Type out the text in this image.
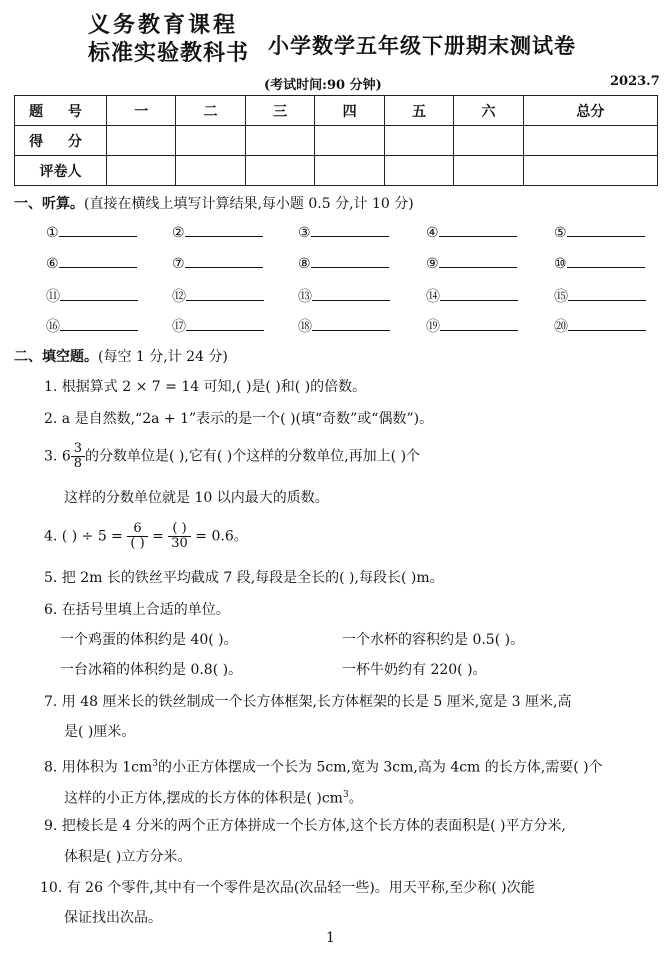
义务教育课程
标准实验教科书 小学数学五年级下册期末测试卷
(考试时间:90 分钟)	2023.7
题 号	一	二	三	四	五	六	总分
得 分							
评卷人							
一、听算。(直接在横线上填写计算结果,每小题 0.5 分,计 10 分)
①	②	③	④	⑤
⑥	⑦	⑧	⑨	⑩
⑪	⑫	⑬	⑭	⑮
⑯	⑰	⑱	⑲	⑳
二、填空题。(每空 1 分,计 24 分)
1. 根据算式 2 × 7 = 14 可知,( )是( )和( )的倍数。
2. a 是自然数,“2a + 1”表示的是一个( )(填“奇数”或“偶数”)。
3. $6 \frac{3}{8}$ 的分数单位是( ),它有( )个这样的分数单位,再加上( )个
这样的分数单位就是 10 以内最大的质数。
4. ( ) ÷ $5 = \frac{6}{( )} = \frac{( )}{30} = 0.6$。
5. 把 2m 长的铁丝平均截成 7 段,每段是全长的( ),每段长( )m。
6. 在括号里填上合适的单位。
一个鸡蛋的体积约是 40( )。	一个水杯的容积约是 0.5( )。
一台冰箱的体积约是 0.8( )。	一杯牛奶约有 220( )。
7. 用 48 厘米长的铁丝制成一个长方体框架,长方体框架的长是 5 厘米,宽是 3 厘米,高
是( )厘米。
8. 用体积为 $1cm^3$的小正方体摆成一个长为 5cm,宽为 3cm,高为 4cm 的长方体,需要( )个
这样的小正方体,摆成的长方体的体积是( )$cm^3$。
9. 把棱长是 4 分米的两个正方体拼成一个长方体,这个长方体的表面积是( )平方分米,
体积是( )立方分米。
10. 有 26 个零件,其中有一个零件是次品(次品轻一些)。用天平称,至少称( )次能
保证找出次品。
1
